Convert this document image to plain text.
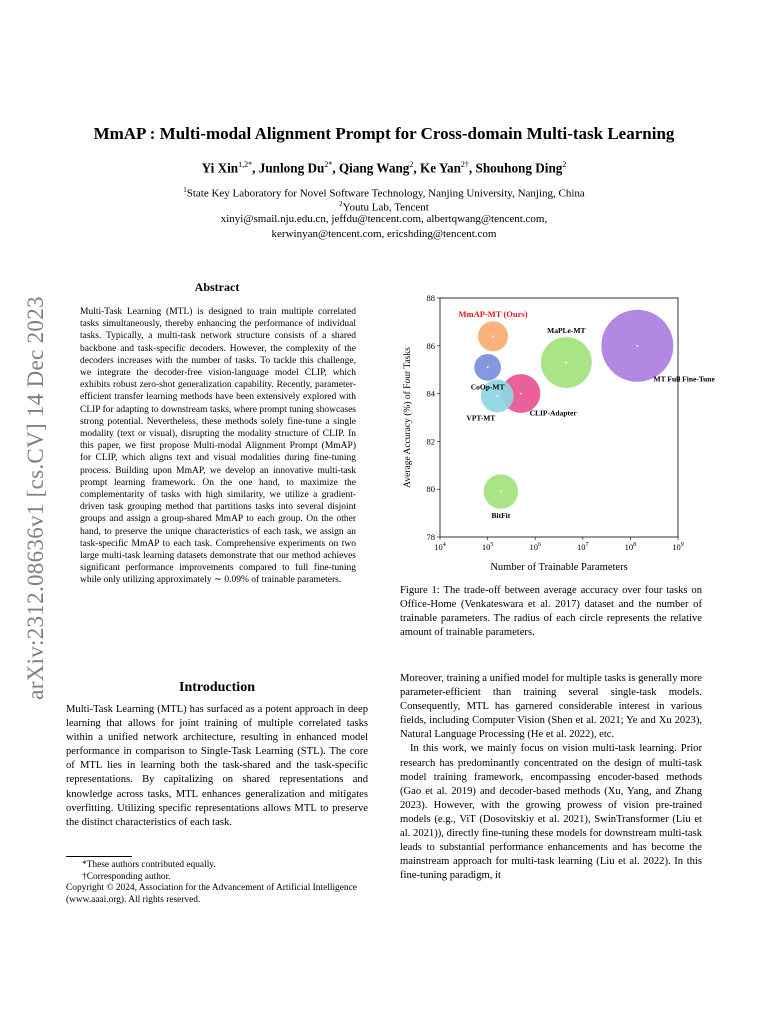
MmAP : Multi-modal Alignment Prompt for Cross-domain Multi-task Learning
Yi Xin$^{1,2*}$, Junlong $Du^{2*}$, Qiang Wang$^2$, Ke Yan$^{2\dagger}$, Shouhong Ding$^2$
$^1$State Key Laboratory for Novel Software Technology, Nanjing University, Nanjing, China
$^2$Youtu Lab, Tencent
xinyi@smail.nju.edu.cn, jeffdu@tencent.com, albertqwang@tencent.com,
kerwinyan@tencent.com, ericshding@tencent.com
arXiv:2312.08636v1 [cs.CV] 14 Dec 2023
Abstract
Multi-Task Learning (MTL) is designed to train multiple correlated tasks simultaneously, thereby enhancing the performance of individual tasks. Typically, a multi-task network structure consists of a shared backbone and task-specific decoders. However, the complexity of the decoders increases with the number of tasks. To tackle this challenge, we integrate the decoder-free vision-language model CLIP, which exhibits robust zero-shot generalization capability. Recently, parameter-efficient transfer learning methods have been extensively explored with CLIP for adapting to downstream tasks, where prompt tuning showcases strong potential. Nevertheless, these methods solely fine-tune a single modality (text or visual), disrupting the modality structure of CLIP. In this paper, we first propose Multi-modal Alignment Prompt (MmAP) for CLIP, which aligns text and visual modalities during fine-tuning process. Building upon MmAP, we develop an innovative multi-task prompt learning framework. On the one hand, to maximize the complementarity of tasks with high similarity, we utilize a gradient-driven task grouping method that partitions tasks into several disjoint groups and assign a group-shared MmAP to each group. On the other hand, to preserve the unique characteristics of each task, we assign an task-specific MmAP to each task. Comprehensive experiments on two large multi-task learning datasets demonstrate that our method achieves significant performance improvements compared to full fine-tuning while only utilizing approximately ∼ 0.09% of trainable parameters.
Introduction
Multi-Task Learning (MTL) has surfaced as a potent approach in deep learning that allows for joint training of multiple correlated tasks within a unified network architecture, resulting in enhanced model performance in comparison to Single-Task Learning (STL). The core of MTL lies in learning both the task-shared and the task-specific representations. By capitalizing on shared representations and knowledge across tasks, MTL enhances generalization and mitigates overfitting. Utilizing specific representations allows MTL to preserve the distinct characteristics of each task.

*These authors contributed equally.

†Corresponding author.

Copyright © 2024, Association for the Advancement of Artificial Intelligence (www.aaai.org). All rights reserved.

78
80
82
84
86
88
$10^4$	$10^5$	$10^6$	$10^7$	$10^8$	$10^9$
Number of Trainable Parameters
Average Accuracy (%) of Four Tasks	MT Full Fine-Tune
MaPLe-MT
CLIP-Adapter
BitFit
VPT-MT
MmAP-MT (Ours)
CoOp-MT
Figure 1: The trade-off between average accuracy over four tasks on Office-Home (Venkateswara et al. 2017) dataset and the number of trainable parameters. The radius of each circle represents the relative amount of trainable parameters.

Moreover, training a unified model for multiple tasks is generally more parameter-efficient than training several single-task models. Consequently, MTL has garnered considerable interest in various fields, including Computer Vision (Shen et al. 2021; Ye and Xu 2023), Natural Language Processing (He et al. 2022), etc.

In this work, we mainly focus on vision multi-task learning. Prior research has predominantly concentrated on the design of multi-task model training framework, encompassing encoder-based methods (Gao et al. 2019) and decoder-based methods (Xu, Yang, and Zhang 2023). However, with the growing prowess of vision pre-trained models (e.g., ViT (Dosovitskiy et al. 2021), SwinTransformer (Liu et al. 2021)), directly fine-tuning these models for downstream multi-task leads to substantial performance enhancements and has become the mainstream approach for multi-task learning (Liu et al. 2022). In this fine-tuning paradigm, it
